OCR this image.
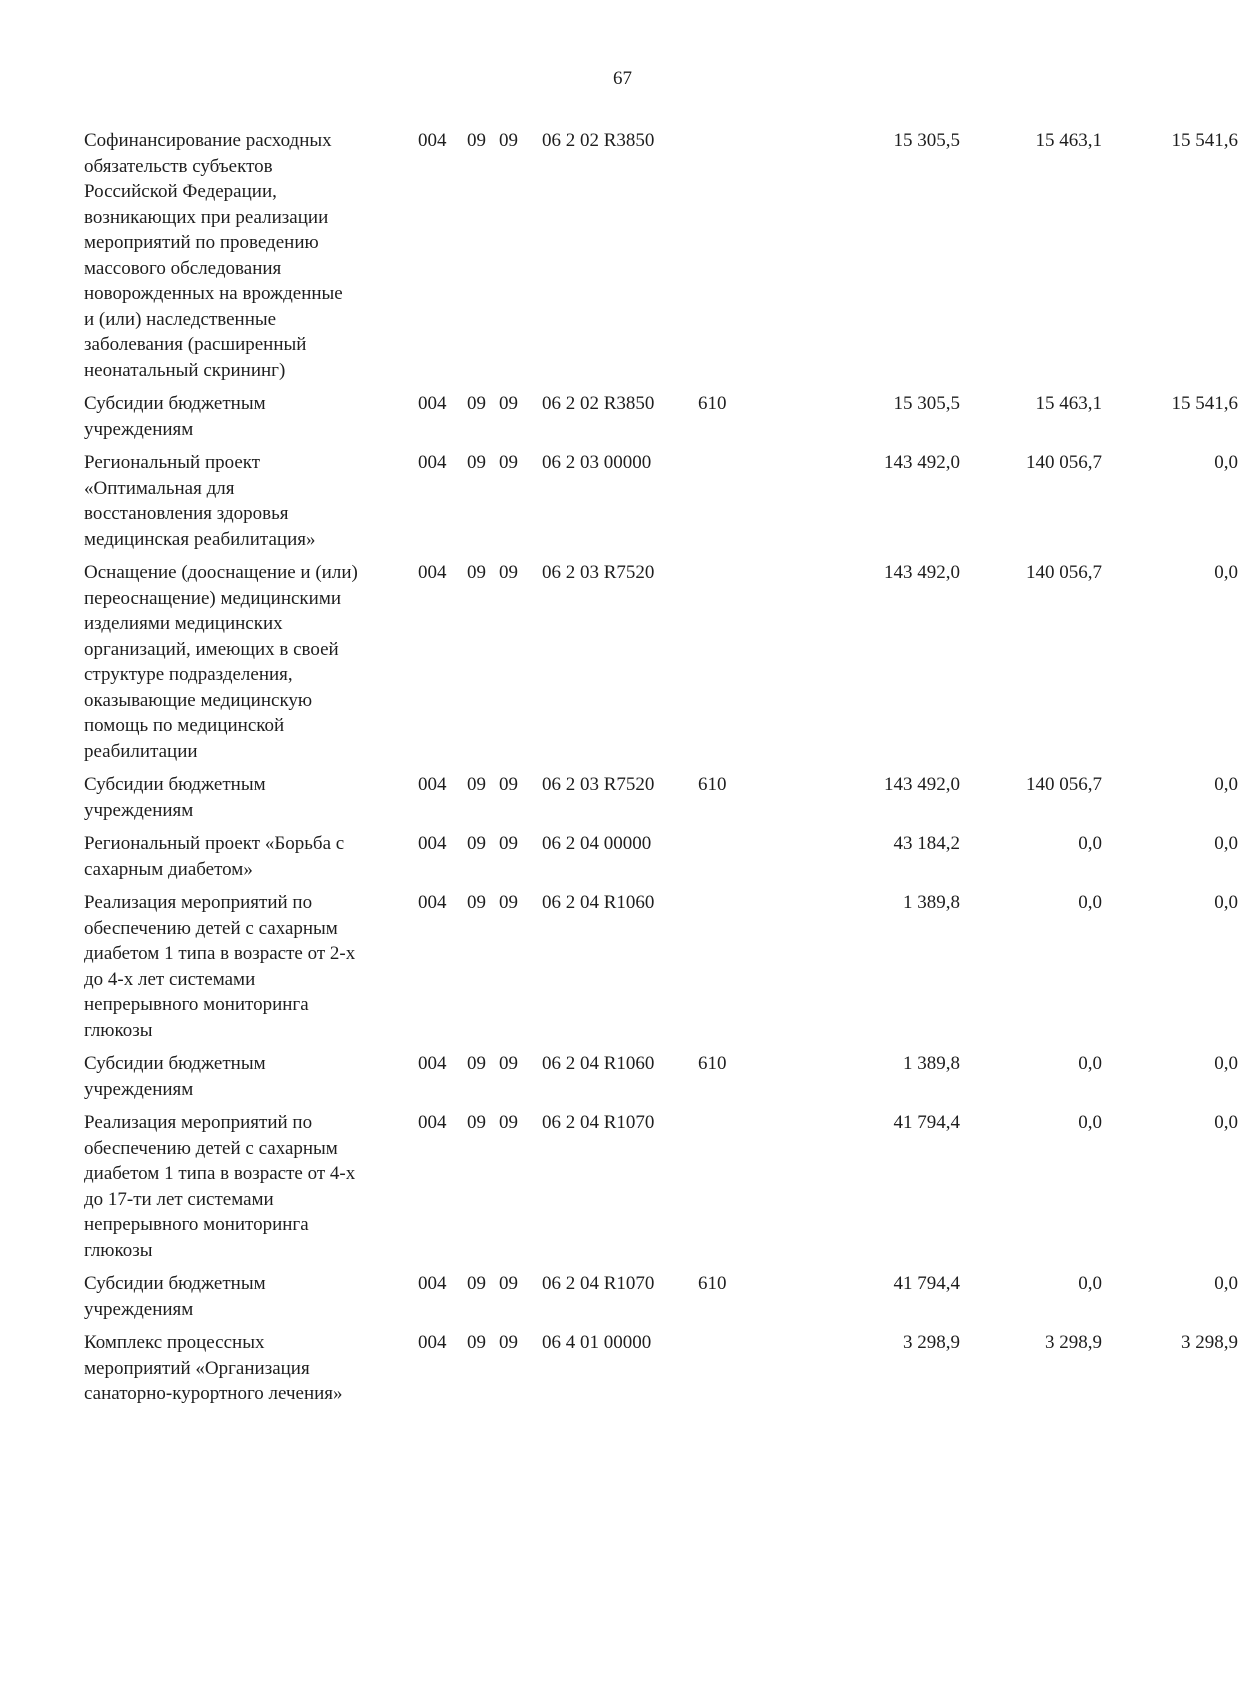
67
Софинансирование расходных
обязательств субъектов
Российской Федерации,
возникающих при реализации
мероприятий по проведению
массового обследования
новорожденных на врожденные
и (или) наследственные
заболевания (расширенный
неонатальный скрининг)
004 09 09 06 2 02 R3850	15 305,5	15 463,1	15 541,6
Субсидии бюджетным
учреждениям
004 09 09 06 2 02 R3850 610	15 305,5	15 463,1	15 541,6
Региональный проект
«Оптимальная для
восстановления здоровья
медицинская реабилитация»
004 09 09 06 2 03 00000	143 492,0	140 056,7	0,0
Оснащение (дооснащение и (или)
переоснащение) медицинскими
изделиями медицинских
организаций, имеющих в своей
структуре подразделения,
оказывающие медицинскую
помощь по медицинской
реабилитации
004 09 09 06 2 03 R7520	143 492,0	140 056,7	0,0
Субсидии бюджетным
учреждениям
004 09 09 06 2 03 R7520 610	143 492,0	140 056,7	0,0
Региональный проект «Борьба с
сахарным диабетом»
004 09 09 06 2 04 00000	43 184,2	0,0	0,0
Реализация мероприятий по
обеспечению детей с сахарным
диабетом 1 типа в возрасте от 2-х
до 4-х лет системами
непрерывного мониторинга
глюкозы
004 09 09 06 2 04 R1060	1 389,8	0,0	0,0
Субсидии бюджетным
учреждениям
004 09 09 06 2 04 R1060 610	1 389,8	0,0	0,0
Реализация мероприятий по
обеспечению детей с сахарным
диабетом 1 типа в возрасте от 4-х
до 17-ти лет системами
непрерывного мониторинга
глюкозы
004 09 09 06 2 04 R1070	41 794,4	0,0	0,0
Субсидии бюджетным
учреждениям
004 09 09 06 2 04 R1070 610	41 794,4	0,0	0,0
Комплекс процессных
мероприятий «Организация
санаторно-курортного лечения»
004 09 09 06 4 01 00000	3 298,9	3 298,9	3 298,9
